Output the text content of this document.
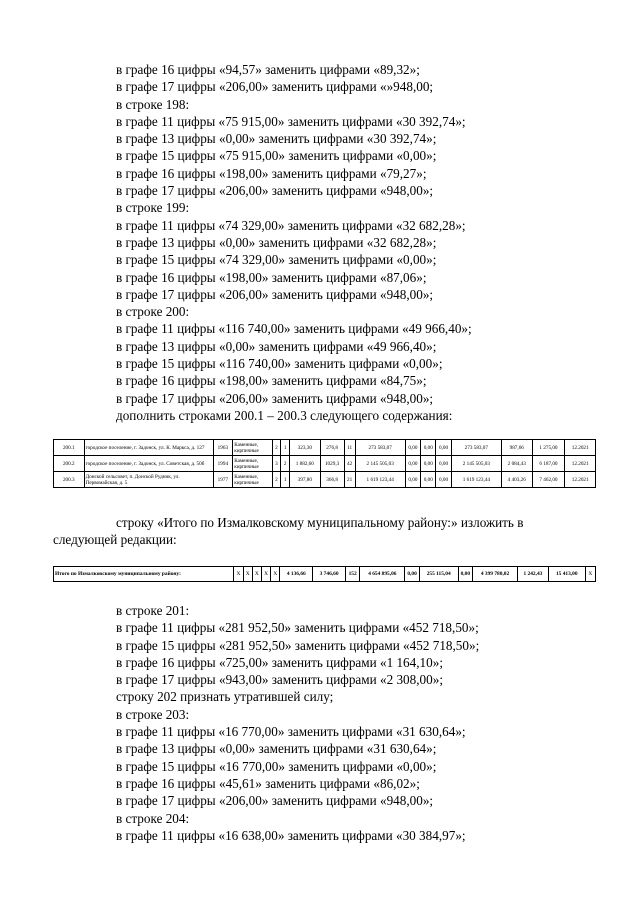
в графе 16 цифры «94,57» заменить цифрами «89,32»;
в графе 17 цифры «206,00» заменить цифрами «»948,00;
в строке 198:
в графе 11 цифры «75 915,00» заменить цифрами «30 392,74»;
в графе 13 цифры «0,00» заменить цифрами «30 392,74»;
в графе 15 цифры «75 915,00» заменить цифрами «0,00»;
в графе 16 цифры «198,00» заменить цифрами «79,27»;
в графе 17 цифры «206,00» заменить цифрами «948,00»;
в строке 199:
в графе 11 цифры «74 329,00» заменить цифрами «32 682,28»;
в графе 13 цифры «0,00» заменить цифрами «32 682,28»;
в графе 15 цифры «74 329,00» заменить цифрами «0,00»;
в графе 16 цифры «198,00» заменить цифрами «87,06»;
в графе 17 цифры «206,00» заменить цифрами «948,00»;
в строке 200:
в графе 11 цифры «116 740,00» заменить цифрами «49 966,40»;
в графе 13 цифры «0,00» заменить цифрами «49 966,40»;
в графе 15 цифры «116 740,00» заменить цифрами «0,00»;
в графе 16 цифры «198,00» заменить цифрами «84,75»;
в графе 17 цифры «206,00» заменить цифрами «948,00»;
дополнить строками 200.1 – 200.3 следующего содержания:
200.1	городское поселение, г. Задонск, ул. К. Маркса, д. 127	1963	Каменные, кирпичные	2	1	323,30	276,8	11	273 583,07	0,00	0,00	0,00	273 583,07	987,66	1 275,00	12.2021
200.2	городское поселение, г. Задонск, ул. Советская, д. 50б	1994	Каменные, кирпичные	3	2	1 882,60	1029,3	42	2 145 505,03	0,00	0,00	0,00	2 145 505,03	2 084,43	6 187,00	12.2021
200.3	Донской сельсовет, п. Донской Рудник, ул. Первомайская, д. 5	1977	Каменные, кирпичные	2	1	397,80	366,8	21	1 619 123,44	0,00	0,00	0,00	1 619 123,44	4 403,26	7 462,00	12.2021
строку «Итого по Измалковскому муниципальному району:» изложить в
следующей редакции:
Итого по Измалковскому муниципальному району:	X	X	X	X	X	4 136,66	3 746,60	152	4 654 895,06	0,00	255 115,04	0,00	4 399 780,02	1 242,43	15 413,00	X
в строке 201:
в графе 11 цифры «281 952,50» заменить цифрами «452 718,50»;
в графе 15 цифры «281 952,50» заменить цифрами «452 718,50»;
в графе 16 цифры «725,00» заменить цифрами «1 164,10»;
в графе 17 цифры «943,00» заменить цифрами «2 308,00»;
строку 202 признать утратившей силу;
в строке 203:
в графе 11 цифры «16 770,00» заменить цифрами «31 630,64»;
в графе 13 цифры «0,00» заменить цифрами «31 630,64»;
в графе 15 цифры «16 770,00» заменить цифрами «0,00»;
в графе 16 цифры «45,61» заменить цифрами «86,02»;
в графе 17 цифры «206,00» заменить цифрами «948,00»;
в строке 204:
в графе 11 цифры «16 638,00» заменить цифрами «30 384,97»;
